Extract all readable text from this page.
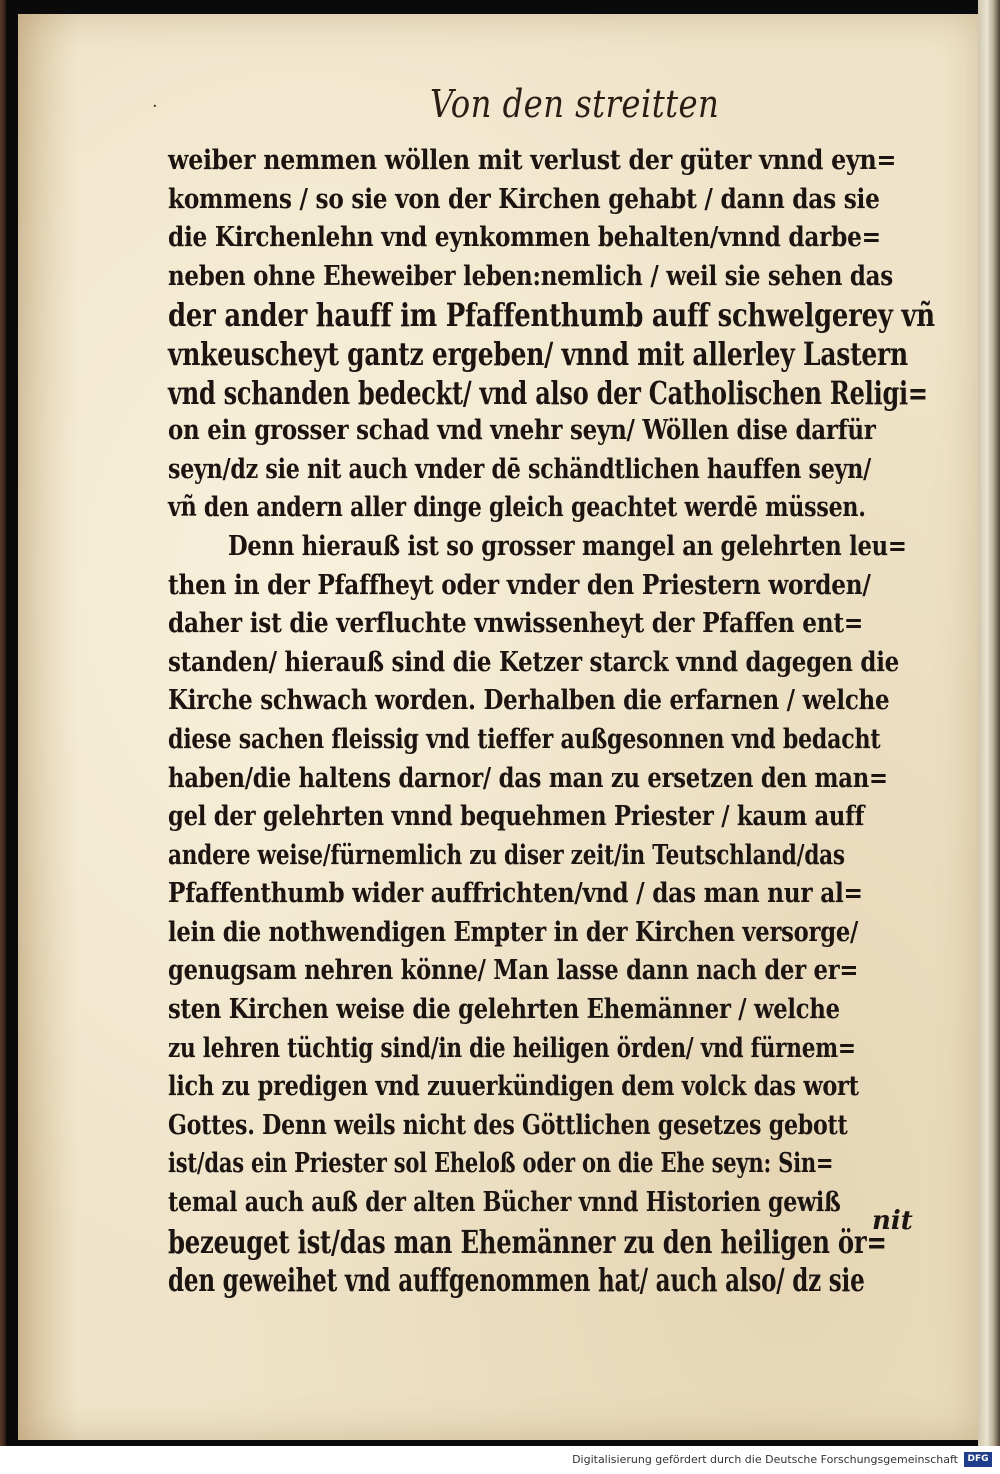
·	Von den streitten
weiber nemmen wöllen mit verlust der güter vnnd eyn=
kommens / so sie von der Kirchen gehabt / dann das sie
die Kirchenlehn vnd eynkommen behalten/vnnd darbe=
neben ohne Eheweiber leben:nemlich / weil sie sehen das
der ander hauff im Pfaffenthumb auff schwelgerey vñ
vnkeuscheyt gantz ergeben/ vnnd mit allerley Lastern
vnd schanden bedeckt/ vnd also der Catholischen Religi=
on ein grosser schad vnd vnehr seyn/ Wöllen dise darfür
seyn/dz sie nit auch vnder dē schändtlichen hauffen seyn/
vñ den andern aller dinge gleich geachtet werdē müssen.
Denn hierauß ist so grosser mangel an gelehrten leu=
then in der Pfaffheyt oder vnder den Priestern worden/
daher ist die verfluchte vnwissenheyt der Pfaffen ent=
standen/ hierauß sind die Ketzer starck vnnd dagegen die
Kirche schwach worden. Derhalben die erfarnen / welche
diese sachen fleissig vnd tieffer außgesonnen vnd bedacht
haben/die haltens darnor/ das man zu ersetzen den man=
gel der gelehrten vnnd bequehmen Priester / kaum auff
andere weise/fürnemlich zu diser zeit/in Teutschland/das
Pfaffenthumb wider auffrichten/vnd / das man nur al=
lein die nothwendigen Empter in der Kirchen versorge/
genugsam nehren könne/ Man lasse dann nach der er=
sten Kirchen weise die gelehrten Ehemänner / welche
zu lehren tüchtig sind/in die heiligen örden/ vnd fürnem=
lich zu predigen vnd zuuerkündigen dem volck das wort
Gottes. Denn weils nicht des Göttlichen gesetzes gebott
ist/das ein Priester sol Eheloß oder on die Ehe seyn: Sin=
temal auch auß der alten Bücher vnnd Historien gewiß
bezeuget ist/das man Ehemänner zu den heiligen ör=
den geweihet vnd auffgenommen hat/ auch also/ dz sie
nit
Digitalisierung gefördert durch die Deutsche Forschungsgemeinschaft	DFG
